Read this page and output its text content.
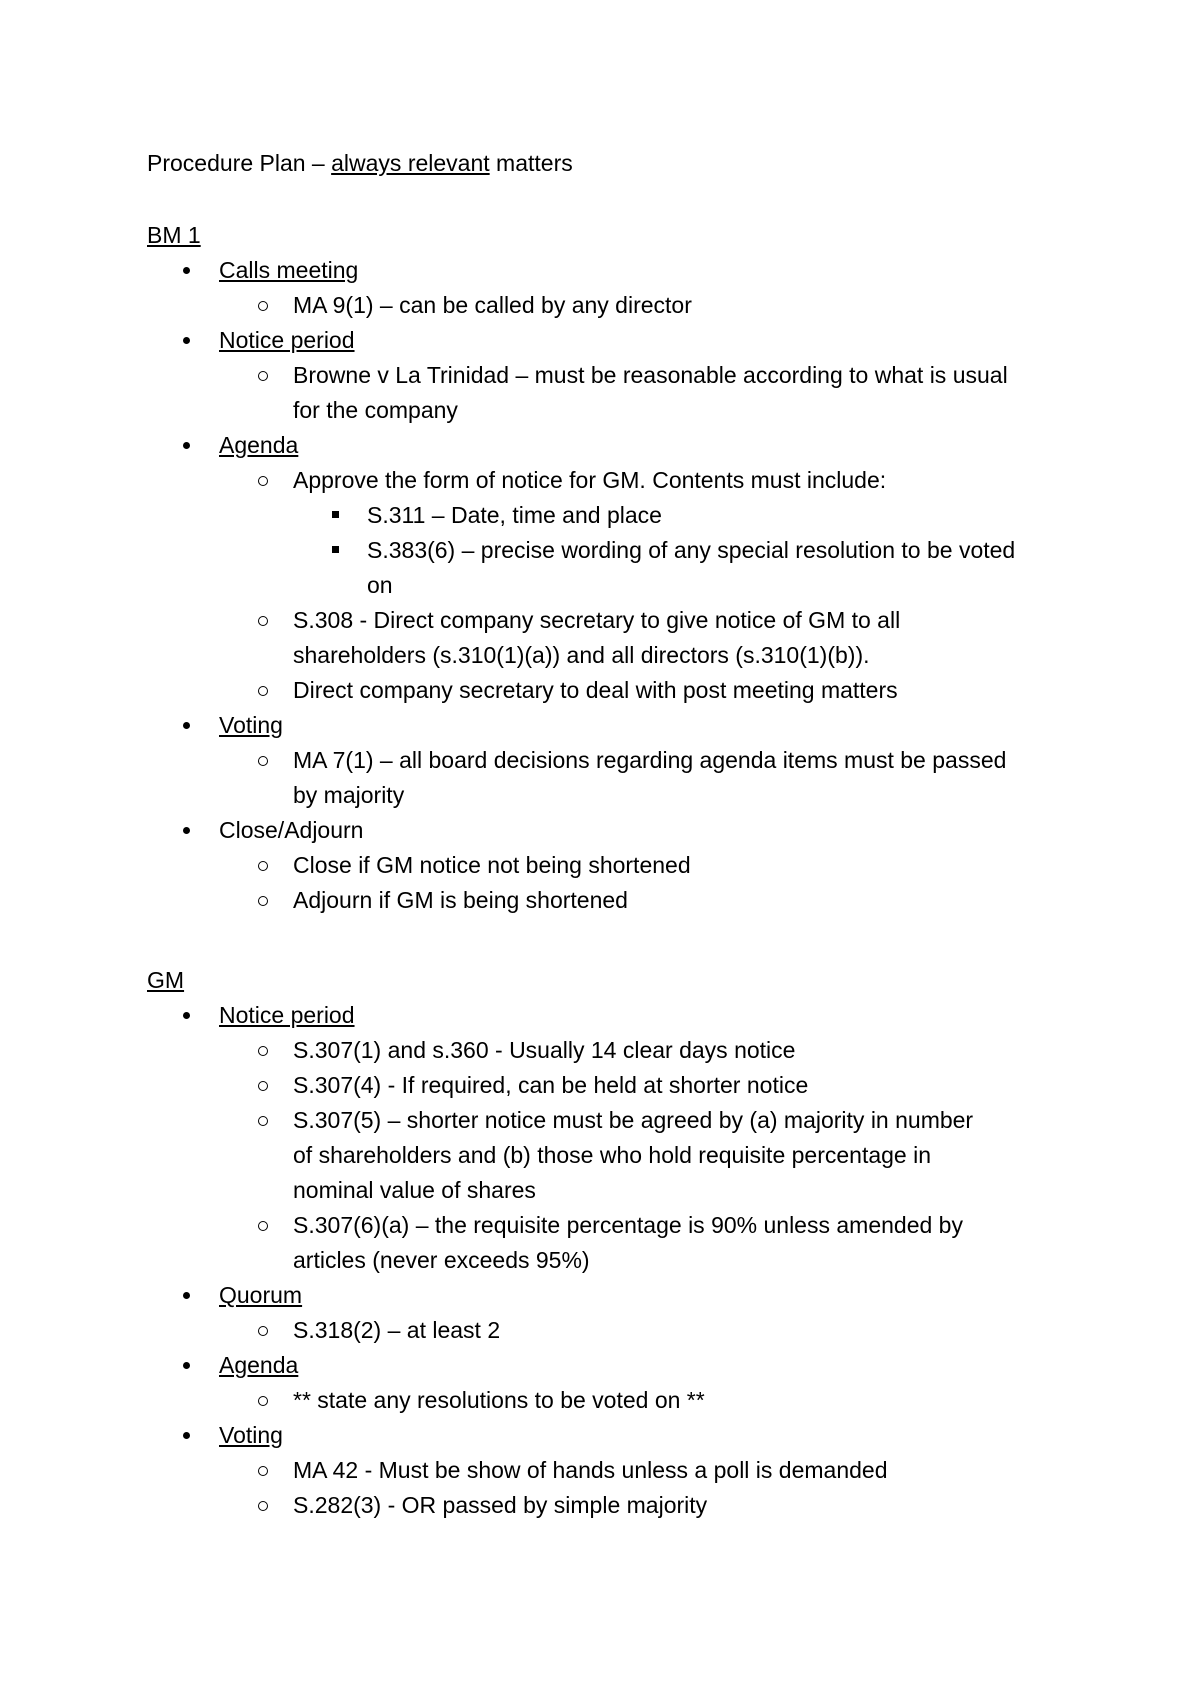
Procedure Plan – always relevant matters
BM 1
Calls meeting
MA 9(1) – can be called by any director
Notice period
Browne v La Trinidad – must be reasonable according to what is usual for the company
Agenda
Approve the form of notice for GM. Contents must include:
S.311 – Date, time and place
S.383(6) – precise wording of any special resolution to be voted on
S.308 - Direct company secretary to give notice of GM to all shareholders (s.310(1)(a)) and all directors (s.310(1)(b)).
Direct company secretary to deal with post meeting matters
Voting
MA 7(1) – all board decisions regarding agenda items must be passed by majority
Close/Adjourn
Close if GM notice not being shortened
Adjourn if GM is being shortened
GM
Notice period
S.307(1) and s.360 - Usually 14 clear days notice
S.307(4) - If required, can be held at shorter notice
S.307(5) – shorter notice must be agreed by (a) majority in number of shareholders and (b) those who hold requisite percentage in nominal value of shares
S.307(6)(a) – the requisite percentage is 90% unless amended by articles (never exceeds 95%)
Quorum
S.318(2) – at least 2
Agenda
** state any resolutions to be voted on **
Voting
MA 42 - Must be show of hands unless a poll is demanded
S.282(3) - OR passed by simple majority
